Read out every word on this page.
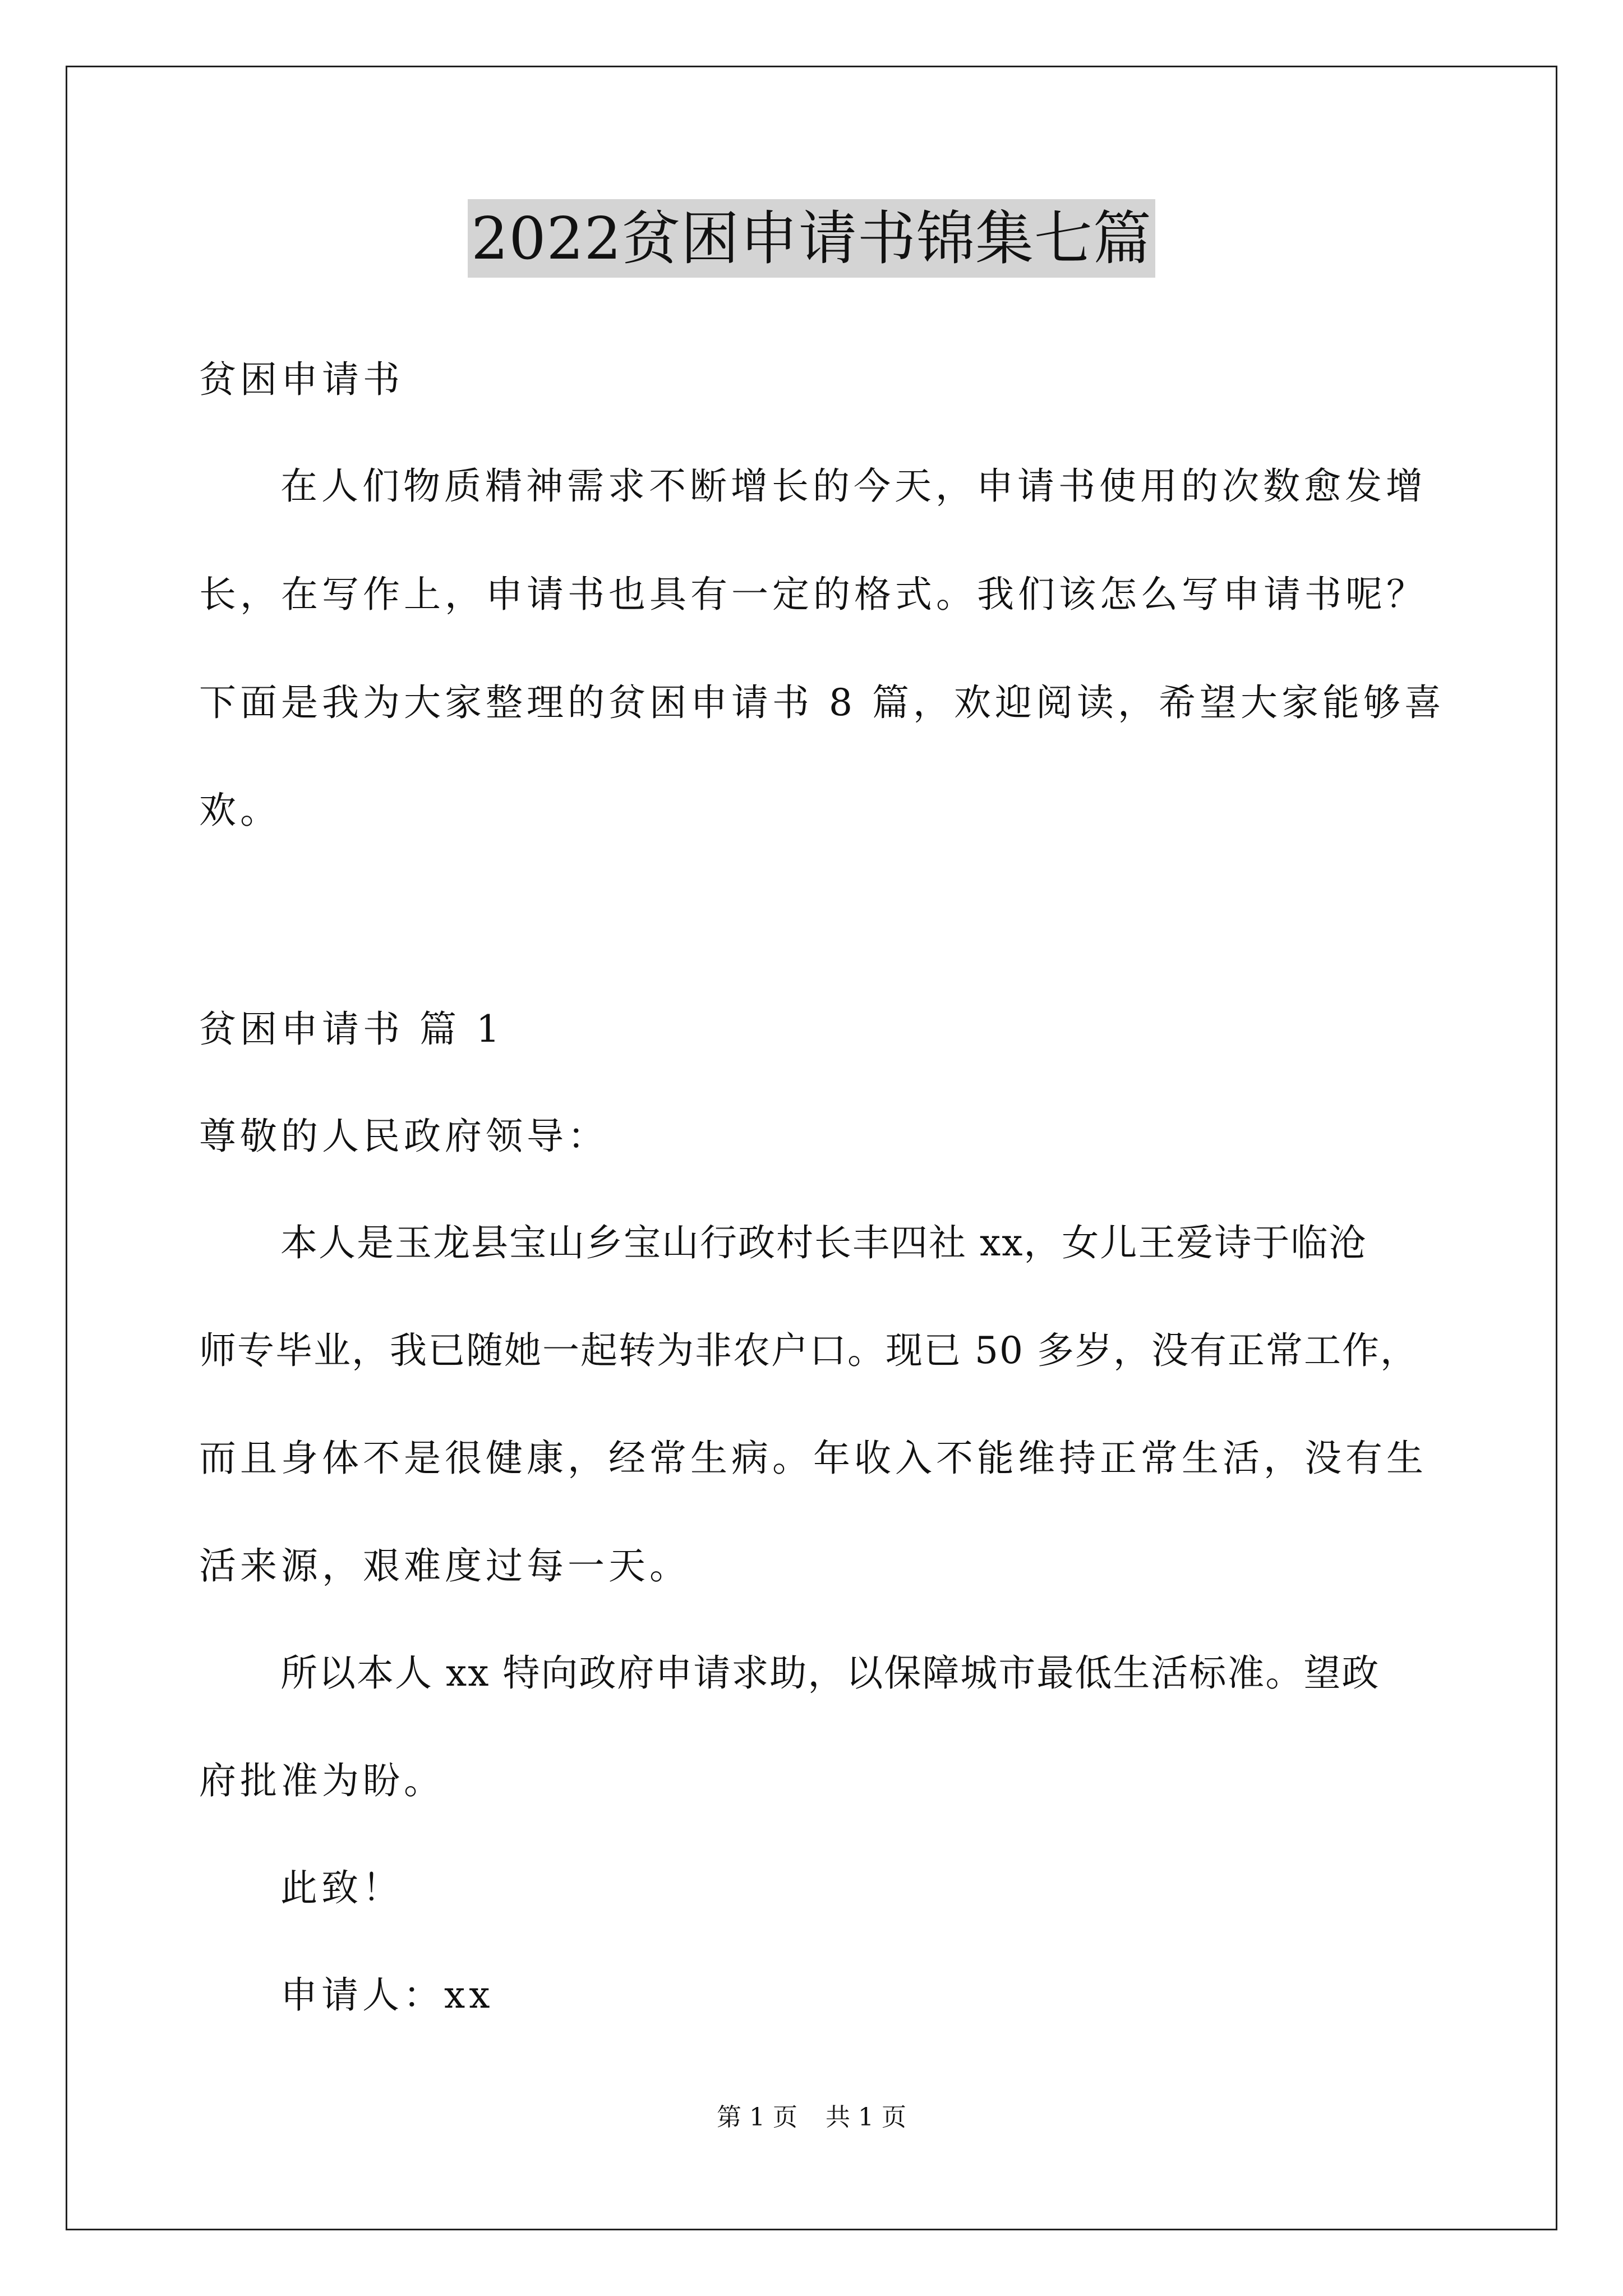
2022贫困申请书锦集七篇
贫困申请书
在人们物质精神需求不断增长的今天，申请书使用的次数愈发增
长，在写作上，申请书也具有一定的格式。我们该怎么写申请书呢？
下面是我为大家整理的贫困申请书 8 篇，欢迎阅读，希望大家能够喜
欢。
贫困申请书 篇 1
尊敬的人民政府领导：
本人是玉龙县宝山乡宝山行政村长丰四社 xx，女儿王爱诗于临沧
师专毕业，我已随她一起转为非农户口。现已 50 多岁，没有正常工作，
而且身体不是很健康，经常生病。年收入不能维持正常生活，没有生
活来源，艰难度过每一天。
所以本人 xx 特向政府申请求助，以保障城市最低生活标准。望政
府批准为盼。
此致！
申请人：xx
第 1 页 共 1 页
